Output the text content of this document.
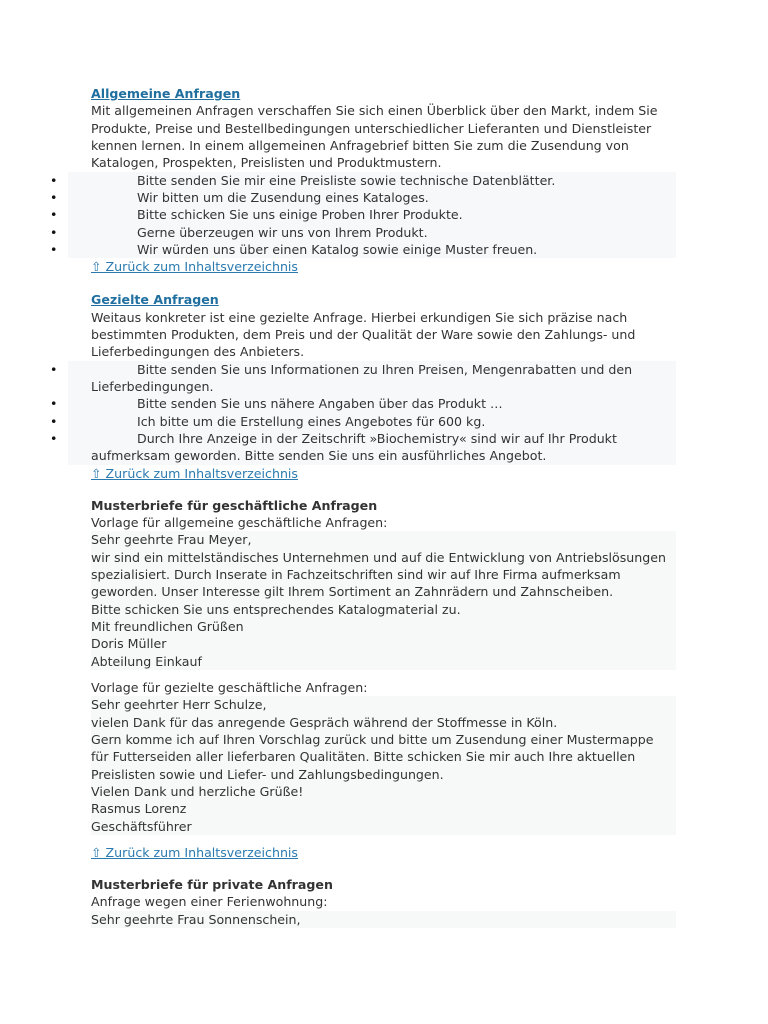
Allgemeine Anfragen
Mit allgemeinen Anfragen verschaffen Sie sich einen Überblick über den Markt, indem Sie
Produkte, Preise und Bestellbedingungen unterschiedlicher Lieferanten und Dienstleister
kennen lernen. In einem allgemeinen Anfragebrief bitten Sie zum die Zusendung von
Katalogen, Prospekten, Preislisten und Produktmustern.
•	Bitte senden Sie mir eine Preisliste sowie technische Datenblätter.
•	Wir bitten um die Zusendung eines Kataloges.
•	Bitte schicken Sie uns einige Proben Ihrer Produkte.
•	Gerne überzeugen wir uns von Ihrem Produkt.
•	Wir würden uns über einen Katalog sowie einige Muster freuen.
⇧ Zurück zum Inhaltsverzeichnis
Gezielte Anfragen
Weitaus konkreter ist eine gezielte Anfrage. Hierbei erkundigen Sie sich präzise nach
bestimmten Produkten, dem Preis und der Qualität der Ware sowie den Zahlungs- und
Lieferbedingungen des Anbieters.
•	Bitte senden Sie uns Informationen zu Ihren Preisen, Mengenrabatten und den
Lieferbedingungen.
•	Bitte senden Sie uns nähere Angaben über das Produkt …
•	Ich bitte um die Erstellung eines Angebotes für 600 kg.
•	Durch Ihre Anzeige in der Zeitschrift »Biochemistry« sind wir auf Ihr Produkt
aufmerksam geworden. Bitte senden Sie uns ein ausführliches Angebot.
⇧ Zurück zum Inhaltsverzeichnis
Musterbriefe für geschäftliche Anfragen
Vorlage für allgemeine geschäftliche Anfragen:
Sehr geehrte Frau Meyer,
wir sind ein mittelständisches Unternehmen und auf die Entwicklung von Antriebslösungen
spezialisiert. Durch Inserate in Fachzeitschriften sind wir auf Ihre Firma aufmerksam
geworden. Unser Interesse gilt Ihrem Sortiment an Zahnrädern und Zahnscheiben.
Bitte schicken Sie uns entsprechendes Katalogmaterial zu.
Mit freundlichen Grüßen
Doris Müller
Abteilung Einkauf
Vorlage für gezielte geschäftliche Anfragen:
Sehr geehrter Herr Schulze,
vielen Dank für das anregende Gespräch während der Stoffmesse in Köln.
Gern komme ich auf Ihren Vorschlag zurück und bitte um Zusendung einer Mustermappe
für Futterseiden aller lieferbaren Qualitäten. Bitte schicken Sie mir auch Ihre aktuellen
Preislisten sowie und Liefer- und Zahlungsbedingungen.
Vielen Dank und herzliche Grüße!
Rasmus Lorenz
Geschäftsführer
⇧ Zurück zum Inhaltsverzeichnis
Musterbriefe für private Anfragen
Anfrage wegen einer Ferienwohnung:
Sehr geehrte Frau Sonnenschein,
